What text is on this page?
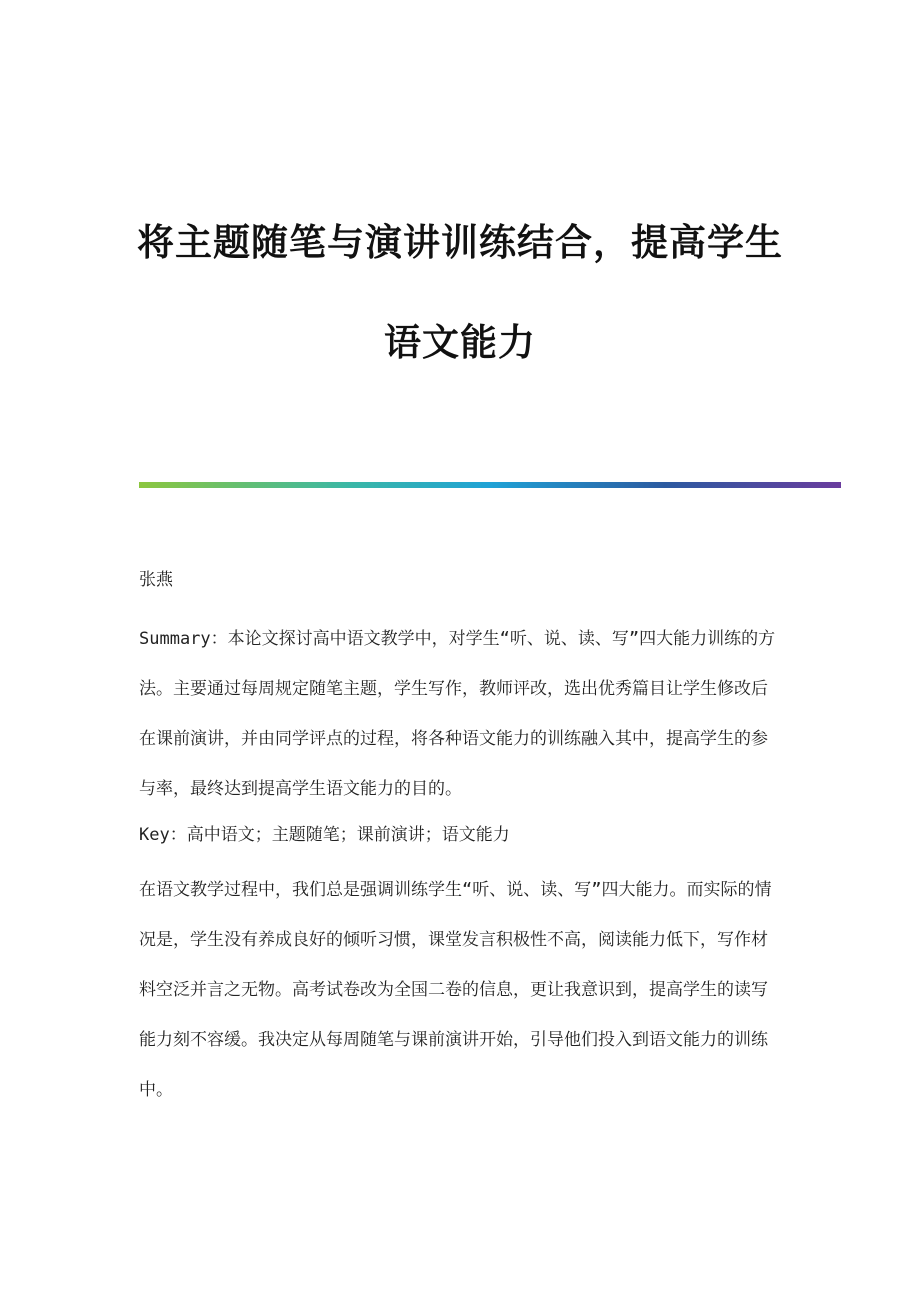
将主题随笔与演讲训练结合，提高学生
语文能力
张燕

Summary：本论文探讨高中语文教学中，对学生“听、说、读、写”四大能力训练的方法。主要通过每周规定随笔主题，学生写作，教师评改，选出优秀篇目让学生修改后在课前演讲，并由同学评点的过程，将各种语文能力的训练融入其中，提高学生的参与率，最终达到提高学生语文能力的目的。

Key：高中语文；主题随笔；课前演讲；语文能力

在语文教学过程中，我们总是强调训练学生“听、说、读、写”四大能力。而实际的情况是，学生没有养成良好的倾听习惯，课堂发言积极性不高，阅读能力低下，写作材料空泛并言之无物。高考试卷改为全国二卷的信息，更让我意识到，提高学生的读写能力刻不容缓。我决定从每周随笔与课前演讲开始，引导他们投入到语文能力的训练中。
